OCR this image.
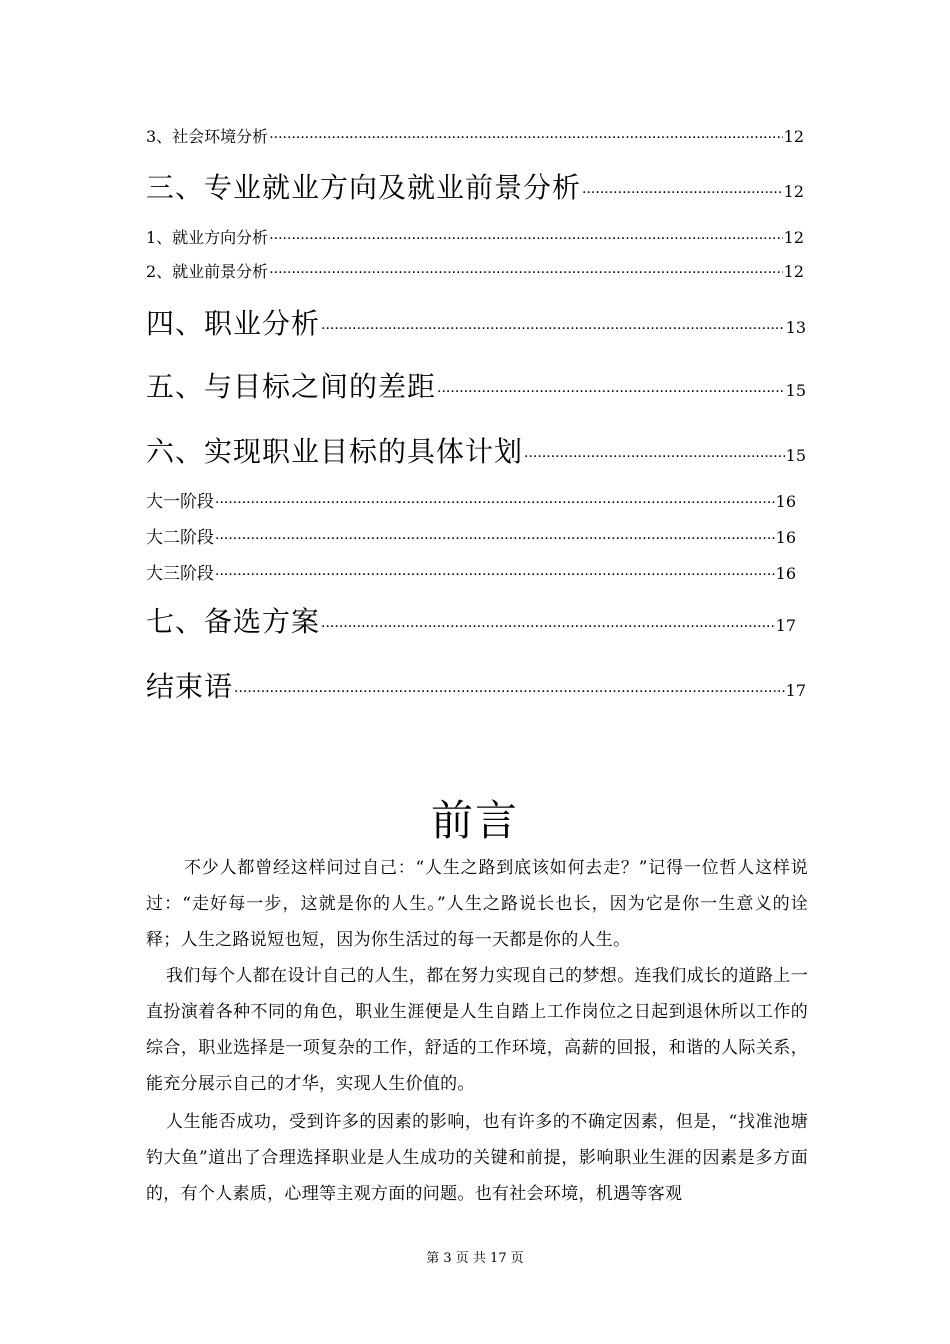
3、社会环境分析 ·····	12
三、专业就业方向及就业前景分析 ·····	12
1、就业方向分析 ·····	12
2、就业前景分析 ·····	12
四、职业分析 ·····	13
五、与目标之间的差距 ·····	15
六、实现职业目标的具体计划 ·····	15
大一阶段 ·····	16
大二阶段 ·····	16
大三阶段 ·····	16
七、备选方案 ·····	17
结束语 ·····	17
前言

不少人都曾经这样问过自己：“人生之路到底该如何去走？”记得一位哲人这样说过：“走好每一步，这就是你的人生。”人生之路说长也长，因为它是你一生意义的诠释；人生之路说短也短，因为你生活过的每一天都是你的人生。

我们每个人都在设计自己的人生，都在努力实现自己的梦想。连我们成长的道路上一直扮演着各种不同的角色，职业生涯便是人生自踏上工作岗位之日起到退休所以工作的综合，职业选择是一项复杂的工作，舒适的工作环境，高薪的回报，和谐的人际关系，能充分展示自己的才华，实现人生价值的。

人生能否成功，受到许多的因素的影响，也有许多的不确定因素，但是，“找准池塘钓大鱼”道出了合理选择职业是人生成功的关键和前提，影响职业生涯的因素是多方面的，有个人素质，心理等主观方面的问题。也有社会环境，机遇等客观

第 3 页 共 17 页
